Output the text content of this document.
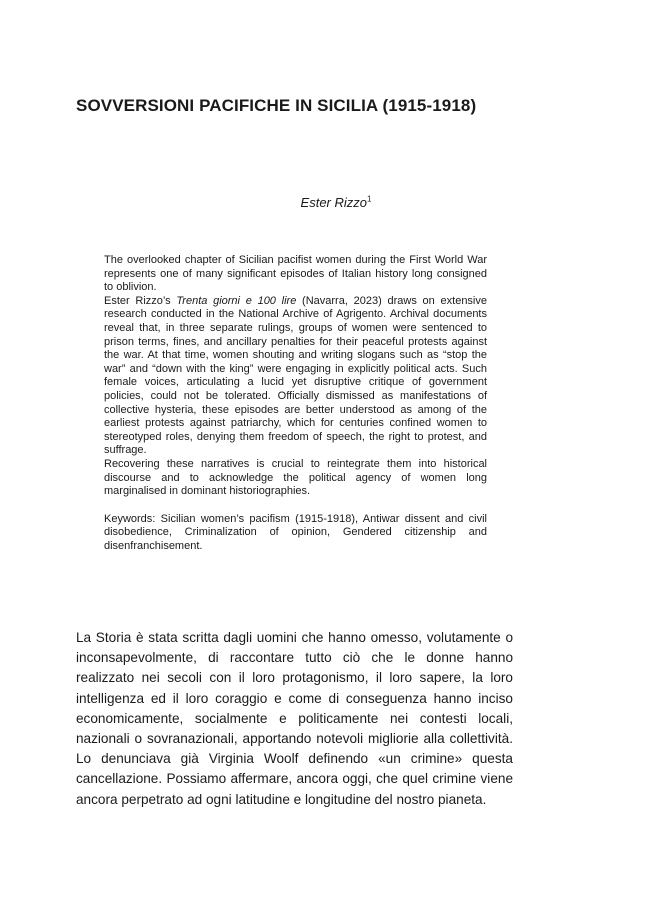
SOVVERSIONI PACIFICHE IN SICILIA (1915-1918)
Ester Rizzo$^1$

The overlooked chapter of Sicilian pacifist women during the First World War represents one of many significant episodes of Italian history long consigned to oblivion.

Ester Rizzo’s Trenta giorni e 100 lire (Navarra, 2023) draws on extensive research conducted in the National Archive of Agrigento. Archival documents reveal that, in three separate rulings, groups of women were sentenced to prison terms, fines, and ancillary penalties for their peaceful protests against the war. At that time, women shouting and writing slogans such as “stop the war” and “down with the king” were engaging in explicitly political acts. Such female voices, articulating a lucid yet disruptive critique of government policies, could not be tolerated. Officially dismissed as manifestations of collective hysteria, these episodes are better understood as among of the earliest protests against patriarchy, which for centuries confined women to stereotyped roles, denying them freedom of speech, the right to protest, and suffrage.

Recovering these narratives is crucial to reintegrate them into historical discourse and to acknowledge the political agency of women long marginalised in dominant historiographies.

Keywords: Sicilian women’s pacifism (1915-1918), Antiwar dissent and civil disobedience, Criminalization of opinion, Gendered citizenship and disenfranchisement.

La Storia è stata scritta dagli uomini che hanno omesso, volutamente o inconsapevolmente, di raccontare tutto ciò che le donne hanno realizzato nei secoli con il loro protagonismo, il loro sapere, la loro intelligenza ed il loro coraggio e come di conseguenza hanno inciso economicamente, socialmente e politicamente nei contesti locali, nazionali o sovranazionali, apportando notevoli migliorie alla collettività. Lo denunciava già Virginia Woolf definendo «un crimine» questa cancellazione. Possiamo affermare, ancora oggi, che quel crimine viene ancora perpetrato ad ogni latitudine e longitudine del nostro pianeta.
